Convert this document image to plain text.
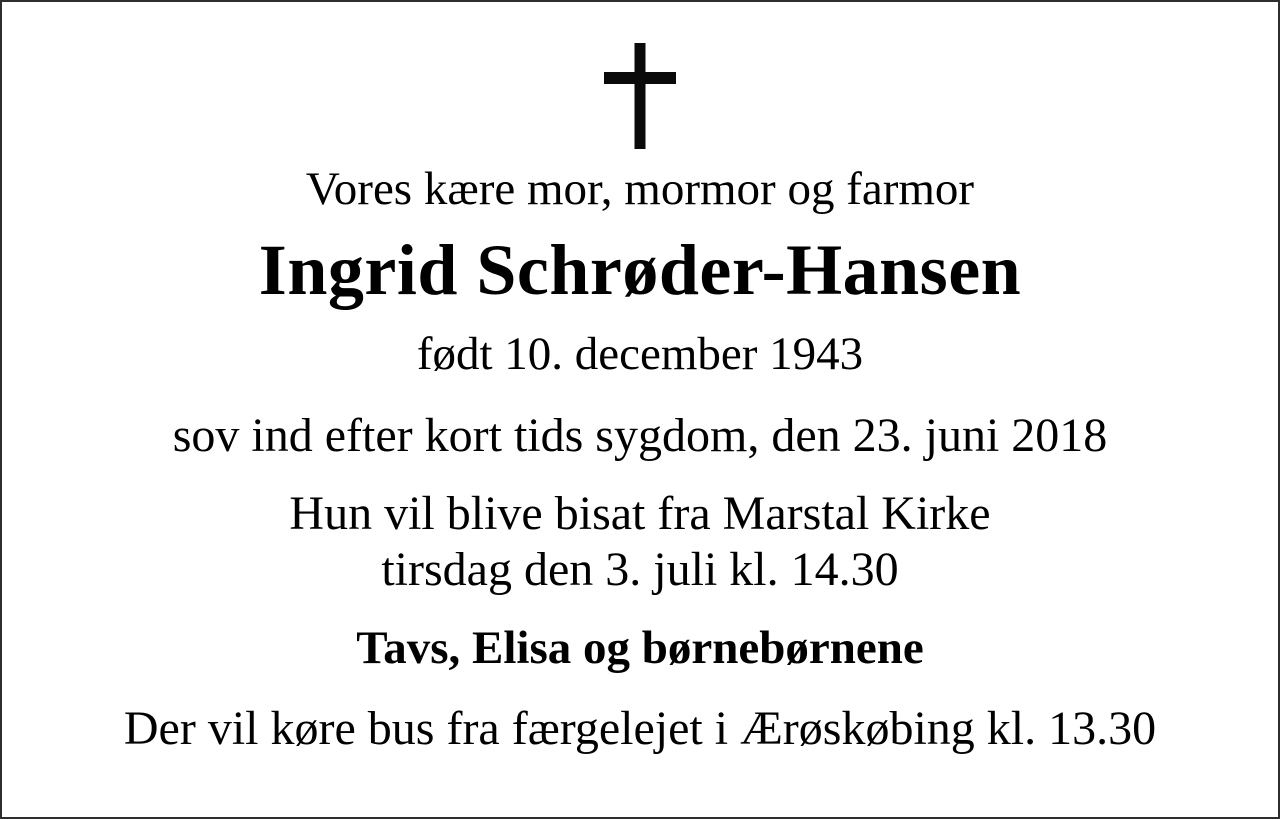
Vores kære mor, mormor og farmor

Ingrid Schrøder-Hansen

født 10. december 1943

sov ind efter kort tids sygdom, den 23. juni 2018

Hun vil blive bisat fra Marstal Kirke
tirsdag den 3. juli kl. 14.30

Tavs, Elisa og børnebørnene

Der vil køre bus fra færgelejet i Ærøskøbing kl. 13.30
